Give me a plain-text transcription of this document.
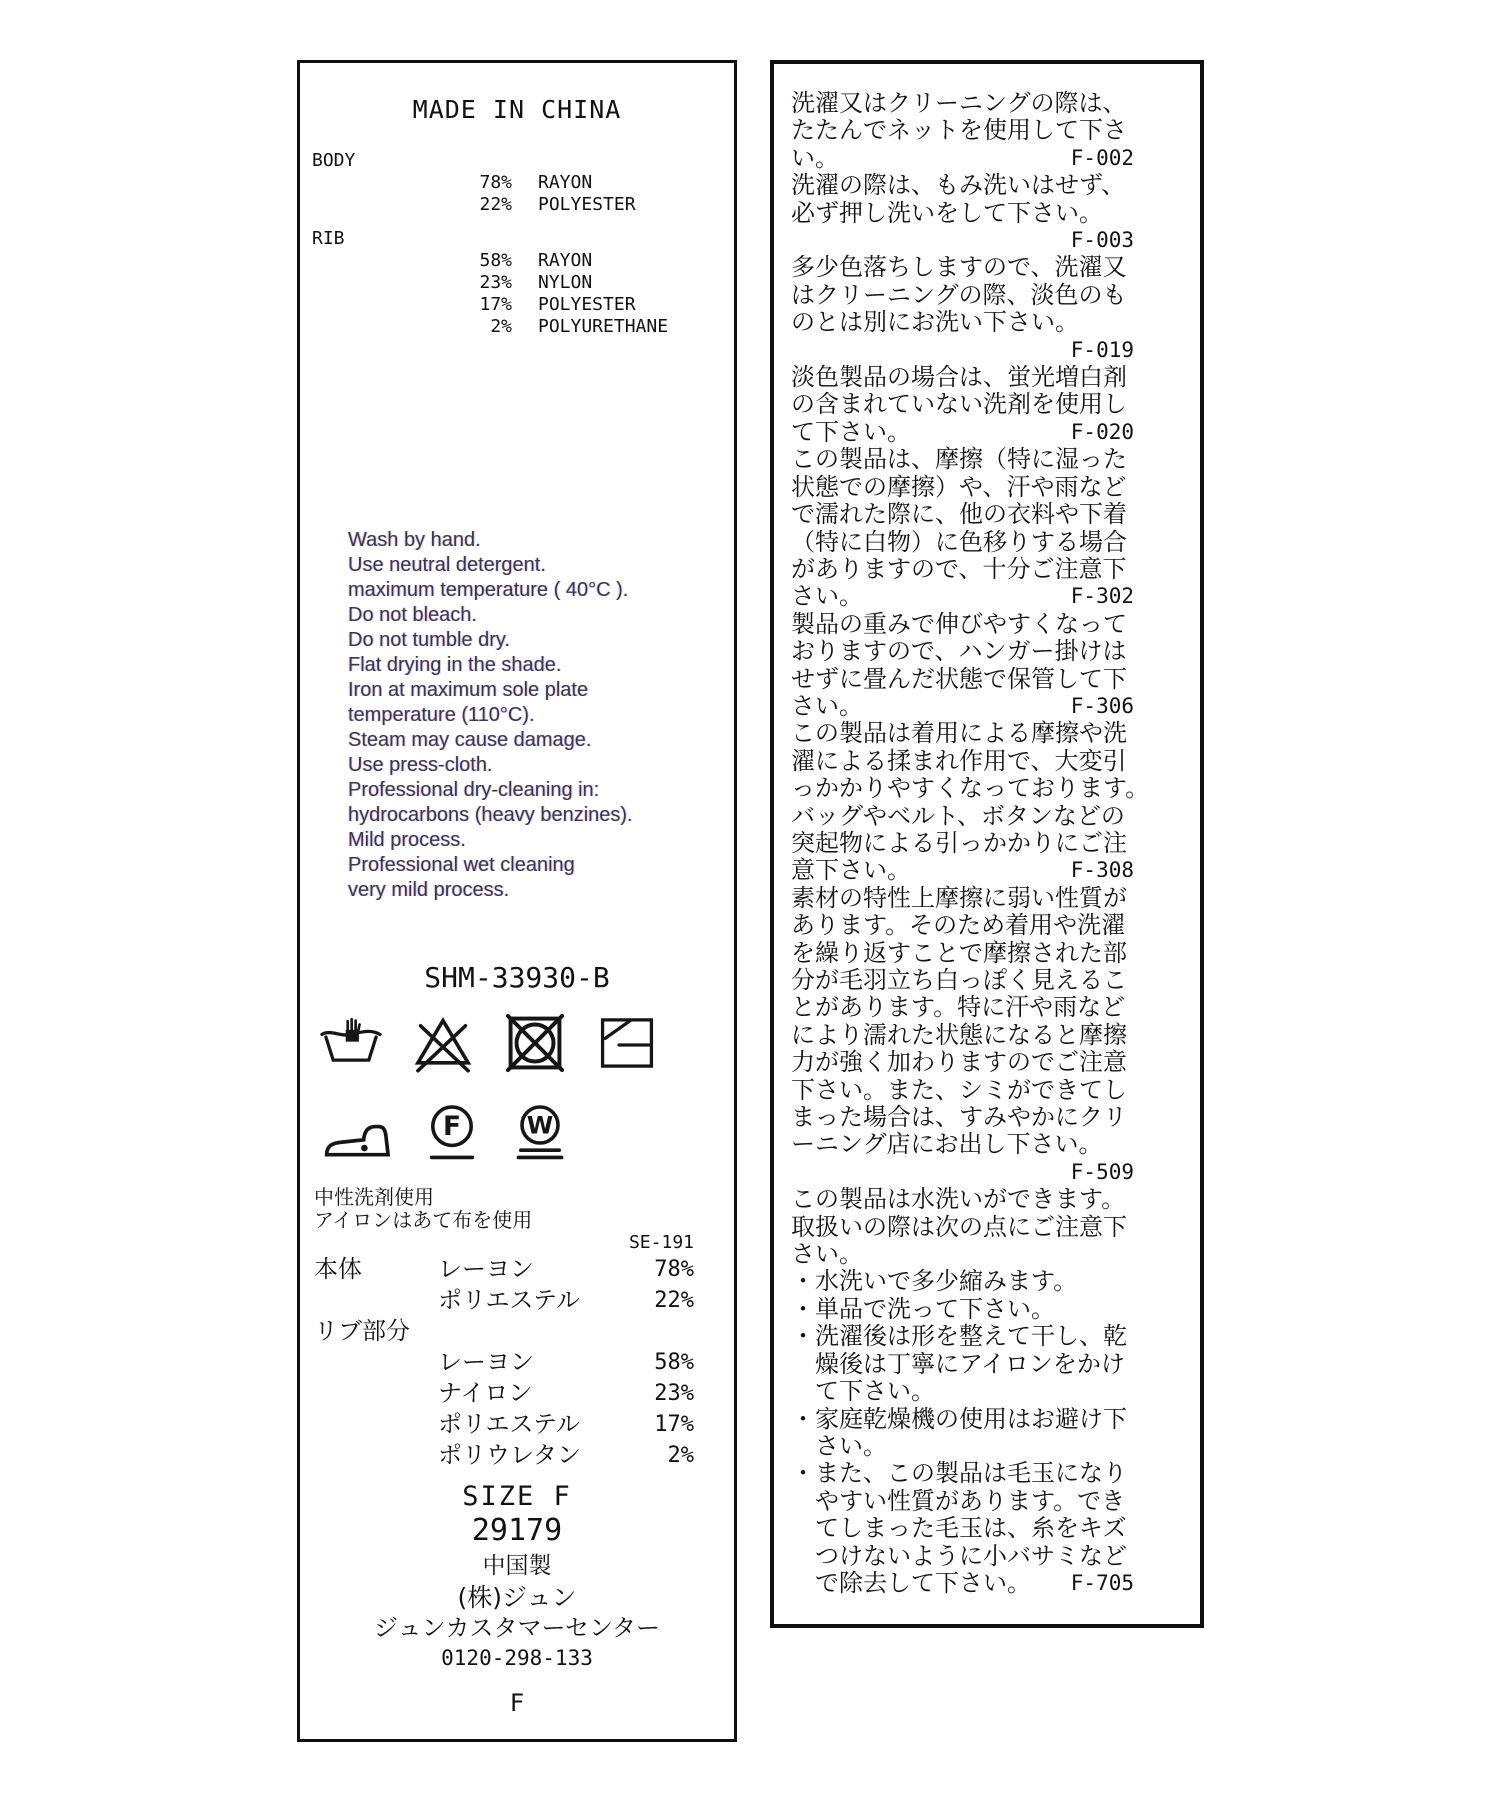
MADE IN CHINA
BODY
78% RAYON
22% POLYESTER
RIB
58% RAYON
23% NYLON
17% POLYESTER
2% POLYURETHANE
Wash by hand.
Use neutral detergent.
maximum temperature ( 40°C ).
Do not bleach.
Do not tumble dry.
Flat drying in the shade.
Iron at maximum sole plate
temperature (110°C).
Steam may cause damage.
Use press-cloth.
Professional dry-cleaning in:
hydrocarbons (heavy benzines).
Mild process.
Professional wet cleaning
very mild process.
SHM-33930-B
F W
中性洗剤使用
アイロンはあて布を使用
SE-191
本体	レーヨン	78%
ポリエステル	22%
リブ部分
レーヨン	58%
ナイロン	23%
ポリエステル	17%
ポリウレタン	2%
SIZE F
29179
中国製
(株)ジュン
ジュンカスタマーセンター
0120-298-133
F
洗濯又はクリーニングの際は、
たたんでネットを使用して下さ
い。	F-002
洗濯の際は、もみ洗いはせず、
必ず押し洗いをして下さい。
F-003
多少色落ちしますので、洗濯又
はクリーニングの際、淡色のも
のとは別にお洗い下さい。
F-019
淡色製品の場合は、蛍光増白剤
の含まれていない洗剤を使用し
て下さい。	F-020
この製品は、摩擦（特に湿った
状態での摩擦）や、汗や雨など
で濡れた際に、他の衣料や下着
（特に白物）に色移りする場合
がありますので、十分ご注意下
さい。	F-302
製品の重みで伸びやすくなって
おりますので、ハンガー掛けは
せずに畳んだ状態で保管して下
さい。	F-306
この製品は着用による摩擦や洗
濯による揉まれ作用で、大変引
っかかりやすくなっております。
バッグやベルト、ボタンなどの
突起物による引っかかりにご注
意下さい。	F-308
素材の特性上摩擦に弱い性質が
あります。そのため着用や洗濯
を繰り返すことで摩擦された部
分が毛羽立ち白っぽく見えるこ
とがあります。特に汗や雨など
により濡れた状態になると摩擦
力が強く加わりますのでご注意
下さい。また、シミができてし
まった場合は、すみやかにクリ
ーニング店にお出し下さい。
F-509
この製品は水洗いができます。
取扱いの際は次の点にご注意下
さい。
・水洗いで多少縮みます。
・単品で洗って下さい。
・洗濯後は形を整えて干し、乾
　燥後は丁寧にアイロンをかけ
　て下さい。
・家庭乾燥機の使用はお避け下
　さい。
・また、この製品は毛玉になり
　やすい性質があります。でき
　てしまった毛玉は、糸をキズ
　つけないように小バサミなど
　で除去して下さい。 F-705
